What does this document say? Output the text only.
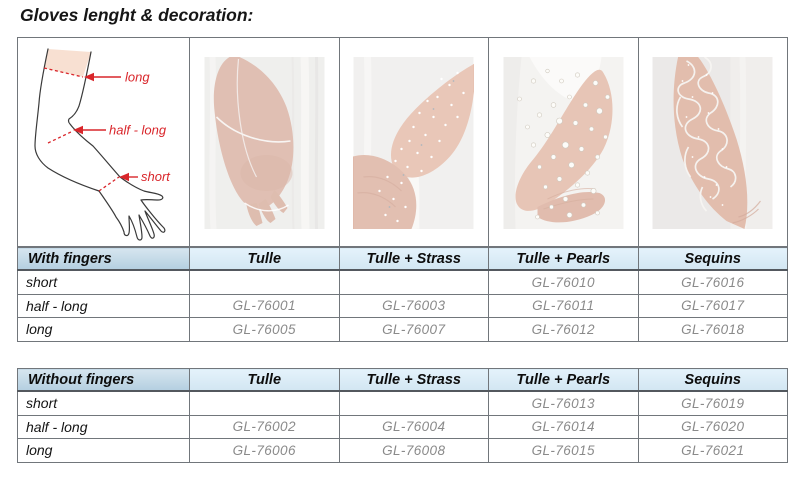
Gloves lenght & decoration:
long
half - long
short
With fingers	Tulle	Tulle + Strass	Tulle + Pearls	Sequins
short			GL-76010	GL-76016
half - long	GL-76001	GL-76003	GL-76011	GL-76017
long	GL-76005	GL-76007	GL-76012	GL-76018
Without fingers	Tulle	Tulle + Strass	Tulle + Pearls	Sequins
short			GL-76013	GL-76019
half - long	GL-76002	GL-76004	GL-76014	GL-76020
long	GL-76006	GL-76008	GL-76015	GL-76021
